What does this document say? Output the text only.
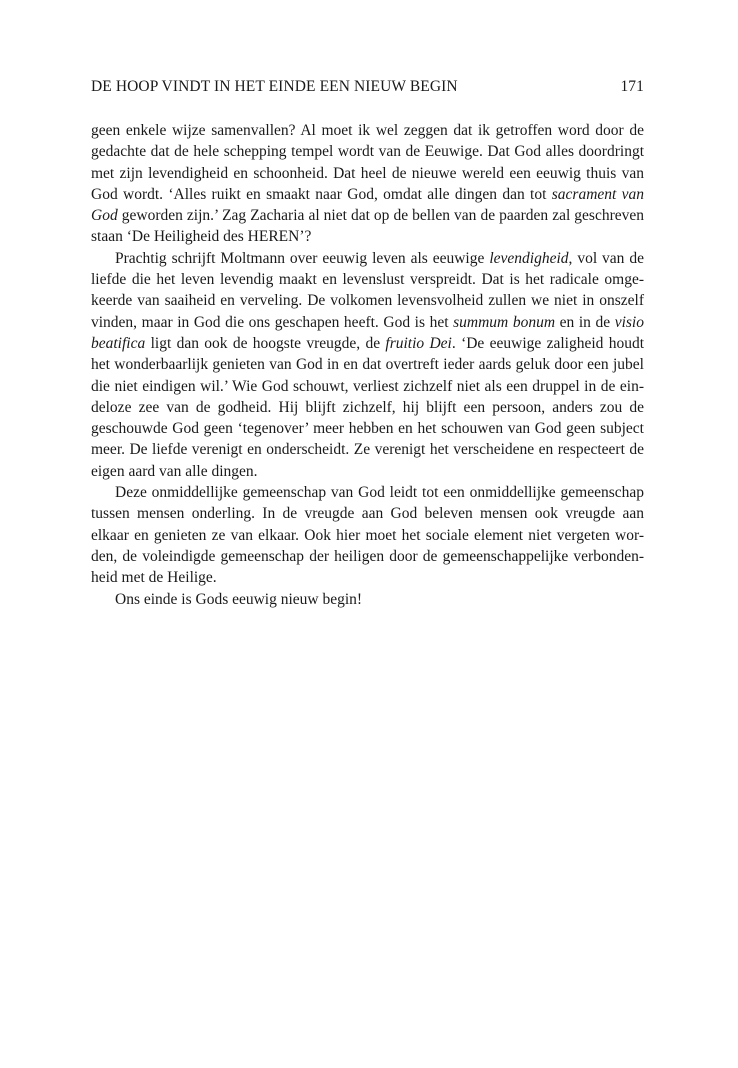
DE HOOP VINDT IN HET EINDE EEN NIEUW BEGIN	171
geen enkele wijze samenvallen? Al moet ik wel zeggen dat ik getroffen word door de
gedachte dat de hele schepping tempel wordt van de Eeuwige. Dat God alles doordringt
met zijn levendigheid en schoonheid. Dat heel de nieuwe wereld een eeuwig thuis van
God wordt. ‘Alles ruikt en smaakt naar God, omdat alle dingen dan tot sacrament van
God geworden zijn.’ Zag Zacharia al niet dat op de bellen van de paarden zal geschreven
staan ‘De Heiligheid des HEREN’?
Prachtig schrijft Moltmann over eeuwig leven als eeuwige levendigheid, vol van de
liefde die het leven levendig maakt en levenslust verspreidt. Dat is het radicale omge-
keerde van saaiheid en verveling. De volkomen levensvolheid zullen we niet in onszelf
vinden, maar in God die ons geschapen heeft. God is het summum bonum en in de visio
beatifica ligt dan ook de hoogste vreugde, de fruitio Dei. ‘De eeuwige zaligheid houdt
het wonderbaarlijk genieten van God in en dat overtreft ieder aards geluk door een jubel
die niet eindigen wil.’ Wie God schouwt, verliest zichzelf niet als een druppel in de ein-
deloze zee van de godheid. Hij blijft zichzelf, hij blijft een persoon, anders zou de
geschouwde God geen ‘tegenover’ meer hebben en het schouwen van God geen subject
meer. De liefde verenigt en onderscheidt. Ze verenigt het verscheidene en respecteert de
eigen aard van alle dingen.
Deze onmiddellijke gemeenschap van God leidt tot een onmiddellijke gemeenschap
tussen mensen onderling. In de vreugde aan God beleven mensen ook vreugde aan
elkaar en genieten ze van elkaar. Ook hier moet het sociale element niet vergeten wor-
den, de voleindigde gemeenschap der heiligen door de gemeenschappelijke verbonden-
heid met de Heilige.
Ons einde is Gods eeuwig nieuw begin!
